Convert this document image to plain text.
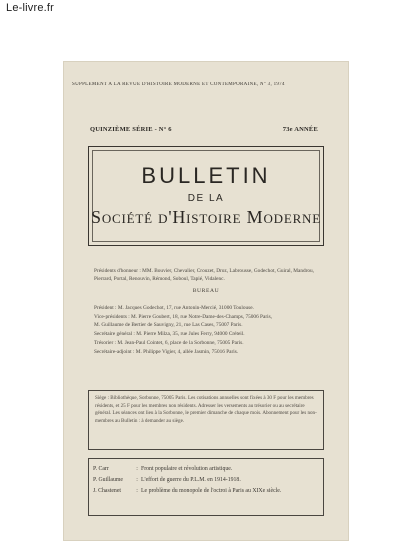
Le-livre.fr
SUPPLEMENT A LA REVUE D'HISTOIRE MODERNE ET CONTEMPORAINE, N° 3, 1974
QUINZIÈME SÉRIE - N° 6	73e ANNÉE
BULLETIN
DE LA
Société d'Histoire Moderne
Présidents d'honneur : MM. Bouvier, Chevalier, Crouzet, Droz, Labrousse, Godechot, Guiral, Mandrou, Pierrard, Portal, Renouvin, Rémond, Soboul, Tapié, Vidalenc.
BUREAU
Président : M. Jacques Godechot, 17, rue Antonin-Mercié, 31000 Toulouse.
Vice-présidents : M. Pierre Goubert, 18, rue Notre-Dame-des-Champs, 75006 Paris,
M. Guillaume de Bertier de Sauvigny, 21, rue Las Cases, 75007 Paris.
Secrétaire général : M. Pierre Milza, 35, rue Jules Ferry, 94000 Créteil.
Trésorier : M. Jean-Paul Cointet, 6, place de la Sorbonne, 75005 Paris.
Secrétaire-adjoint : M. Philippe Vigier, 4, allée Jasmin, 75016 Paris.
Siège : Bibliothèque, Sorbonne, 75005 Paris. Les cotisations annuelles sont fixées à 30 F pour les membres résidents, et 25 F pour les membres non résidents. Adresser les versements au trésorier ou au secrétaire général. Les séances ont lieu à la Sorbonne, le premier dimanche de chaque mois. Abonnement pour les non-membres au Bulletin : à demander au siège.
P. Carr	: Front populaire et révolution artistique.
P. Guillaume	: L'effort de guerre du P.L.M. en 1914-1918.
J. Chastenet	: Le problème du monopole de l'octroi à Paris au XIXe siècle.
